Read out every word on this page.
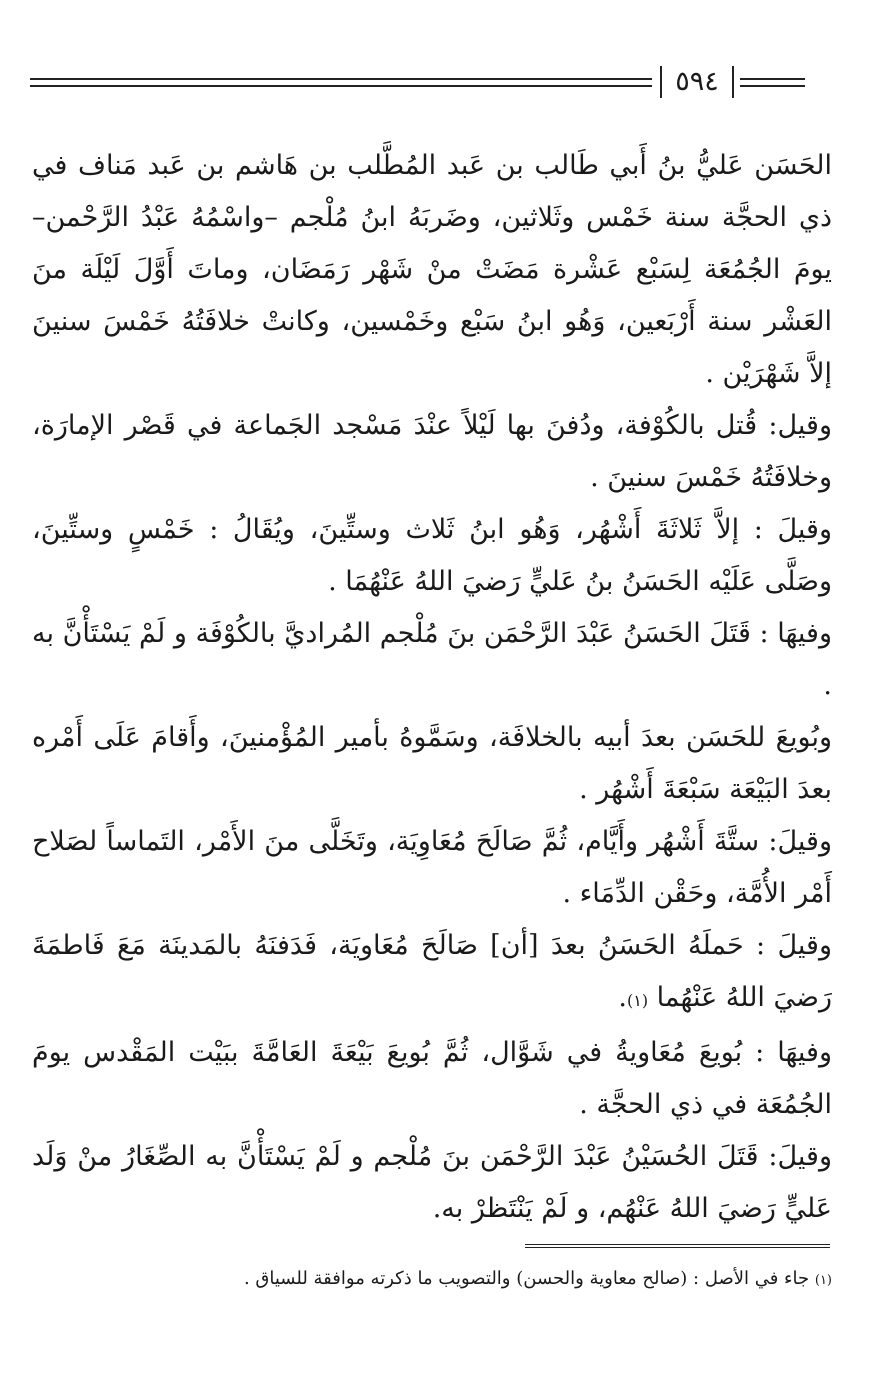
٥٩٤

الحَسَن عَليُّ بنُ أَبي طَالب بن عَبد المُطَّلب بن هَاشم بن عَبد مَناف في ذي الحجَّة سنة خَمْس وثَلاثين، وضَربَهُ ابنُ مُلْجم –واسْمُهُ عَبْدُ الرَّحْمن– يومَ الجُمُعَة لِسَبْع عَشْرة مَضَتْ منْ شَهْر رَمَضَان، وماتَ أَوَّلَ لَيْلَة منَ العَشْر سنة أَرْبَعين، وَهُو ابنُ سَبْع وخَمْسين، وكانتْ خلافَتُهُ خَمْسَ سنينَ إلاَّ شَهْرَيْن .

وقيل: قُتل بالكُوْفة، ودُفنَ بها لَيْلاً عنْدَ مَسْجد الجَماعة في قَصْر الإمارَة، وخلافَتُهُ خَمْسَ سنينَ .

وقيلَ : إلاَّ ثَلاثَةَ أَشْهُر، وَهُو ابنُ ثَلاث وستِّينَ، ويُقَالُ : خَمْسٍ وستِّينَ، وصَلَّى عَلَيْه الحَسَنُ بنُ عَليٍّ رَضيَ اللهُ عَنْهُمَا .

وفيهَا : قَتَلَ الحَسَنُ عَبْدَ الرَّحْمَن بنَ مُلْجم المُراديَّ بالكُوْفَة و لَمْ يَسْتَأْنَّ به .

وبُويعَ للحَسَن بعدَ أبيه بالخلافَة، وسَمَّوهُ بأمير المُؤْمنينَ، وأَقامَ عَلَى أَمْره بعدَ البَيْعَة سَبْعَةَ أَشْهُر .

وقيلَ: ستَّةَ أَشْهُر وأَيَّام، ثُمَّ صَالَحَ مُعَاوِيَة، وتَخَلَّى منَ الأَمْر، التَماساً لصَلاح أَمْر الأُمَّة، وحَقْن الدِّمَاء .

وقيلَ : حَملَهُ الحَسَنُ بعدَ [أن] صَالَحَ مُعَاويَة، فَدَفنَهُ بالمَدينَة مَعَ فَاطمَةَ رَضيَ اللهُ عَنْهُما (١).

وفيهَا : بُويعَ مُعَاويةُ في شَوَّال، ثُمَّ بُويعَ بَيْعَةَ العَامَّةَ ببَيْت المَقْدس يومَ الجُمُعَة في ذي الحجَّة .

وقيلَ: قَتَلَ الحُسَيْنُ عَبْدَ الرَّحْمَن بنَ مُلْجم و لَمْ يَسْتَأْنَّ به الصِّغَارُ منْ وَلَد عَليٍّ رَضيَ اللهُ عَنْهُم، و لَمْ يَنْتَظرْ به.

(١) جاء في الأصل : (صالح معاوية والحسن) والتصويب ما ذكرته موافقة للسياق .
